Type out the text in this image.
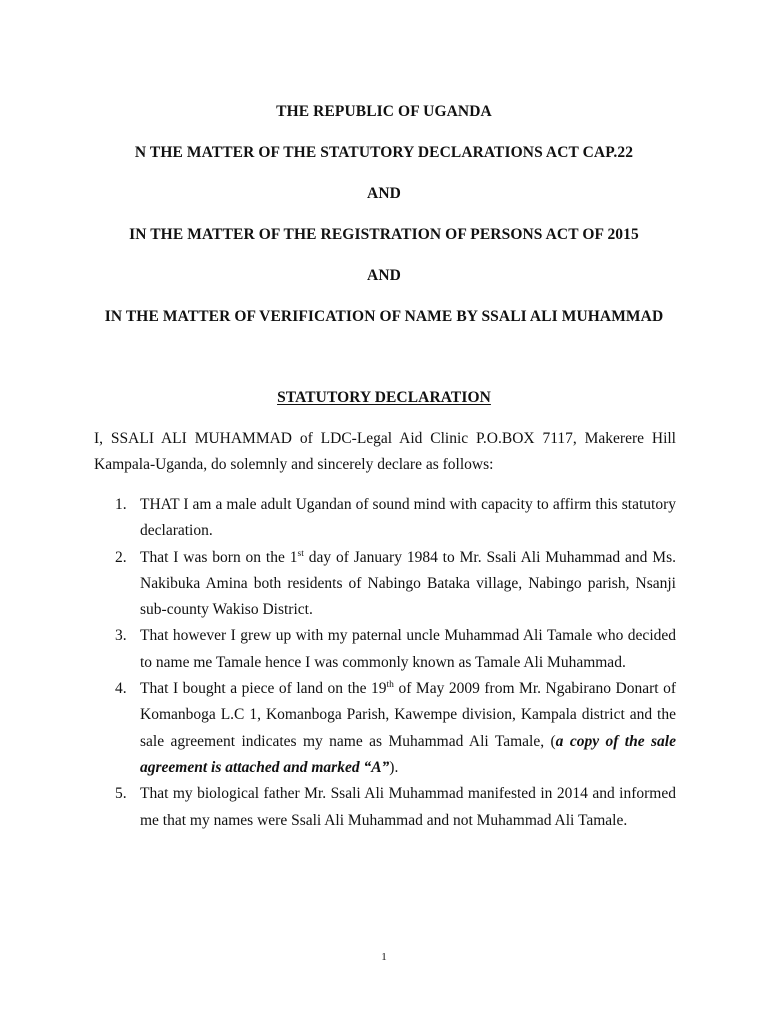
THE REPUBLIC OF UGANDA
N THE MATTER OF THE STATUTORY DECLARATIONS ACT CAP.22
AND
IN THE MATTER OF THE REGISTRATION OF PERSONS ACT OF 2015
AND
IN THE MATTER OF VERIFICATION OF NAME BY SSALI ALI MUHAMMAD
STATUTORY DECLARATION
I, SSALI ALI MUHAMMAD of LDC-Legal Aid Clinic P.O.BOX 7117, Makerere Hill Kampala-Uganda, do solemnly and sincerely declare as follows:
1. THAT I am a male adult Ugandan of sound mind with capacity to affirm this statutory declaration.
2. That I was born on the 1st day of January 1984 to Mr. Ssali Ali Muhammad and Ms. Nakibuka Amina both residents of Nabingo Bataka village, Nabingo parish, Nsanji sub-county Wakiso District.
3. That however I grew up with my paternal uncle Muhammad Ali Tamale who decided to name me Tamale hence I was commonly known as Tamale Ali Muhammad.
4. That I bought a piece of land on the 19th of May 2009 from Mr. Ngabirano Donart of Komanboga L.C 1, Komanboga Parish, Kawempe division, Kampala district and the sale agreement indicates my name as Muhammad Ali Tamale, (a copy of the sale agreement is attached and marked “A”).
5. That my biological father Mr. Ssali Ali Muhammad manifested in 2014 and informed me that my names were Ssali Ali Muhammad and not Muhammad Ali Tamale.
1
